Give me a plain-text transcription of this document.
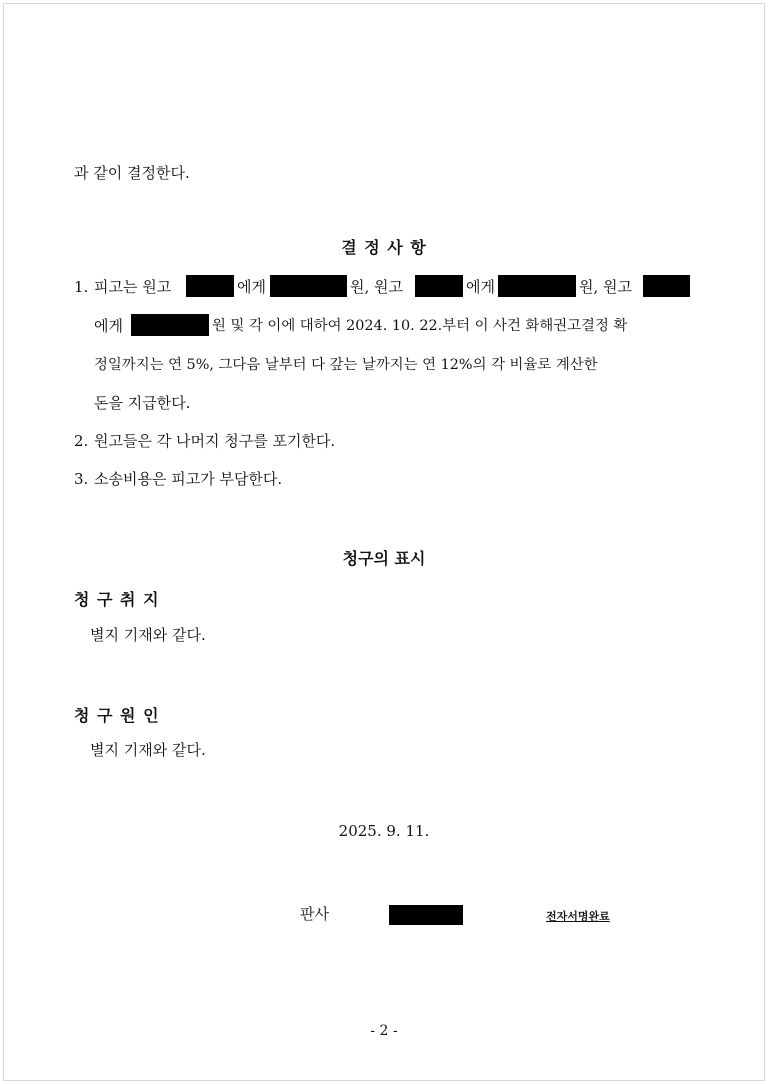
과 같이 결정한다.
결 정 사 항
1. 피고는 원고	에게	원, 원고	에게	원, 원고
에게	원 및 각 이에 대하여 2024. 10. 22.부터 이 사건 화해권고결정 확
정일까지는 연 5%, 그다음 날부터 다 갚는 날까지는 연 12%의 각 비율로 계산한
돈을 지급한다.
2. 원고들은 각 나머지 청구를 포기한다.
3. 소송비용은 피고가 부담한다.
청구의 표시
청 구 취 지
별지 기재와 같다.
청 구 원 인
별지 기재와 같다.
2025. 9. 11.
판사	전자서명완료
- 2 -
